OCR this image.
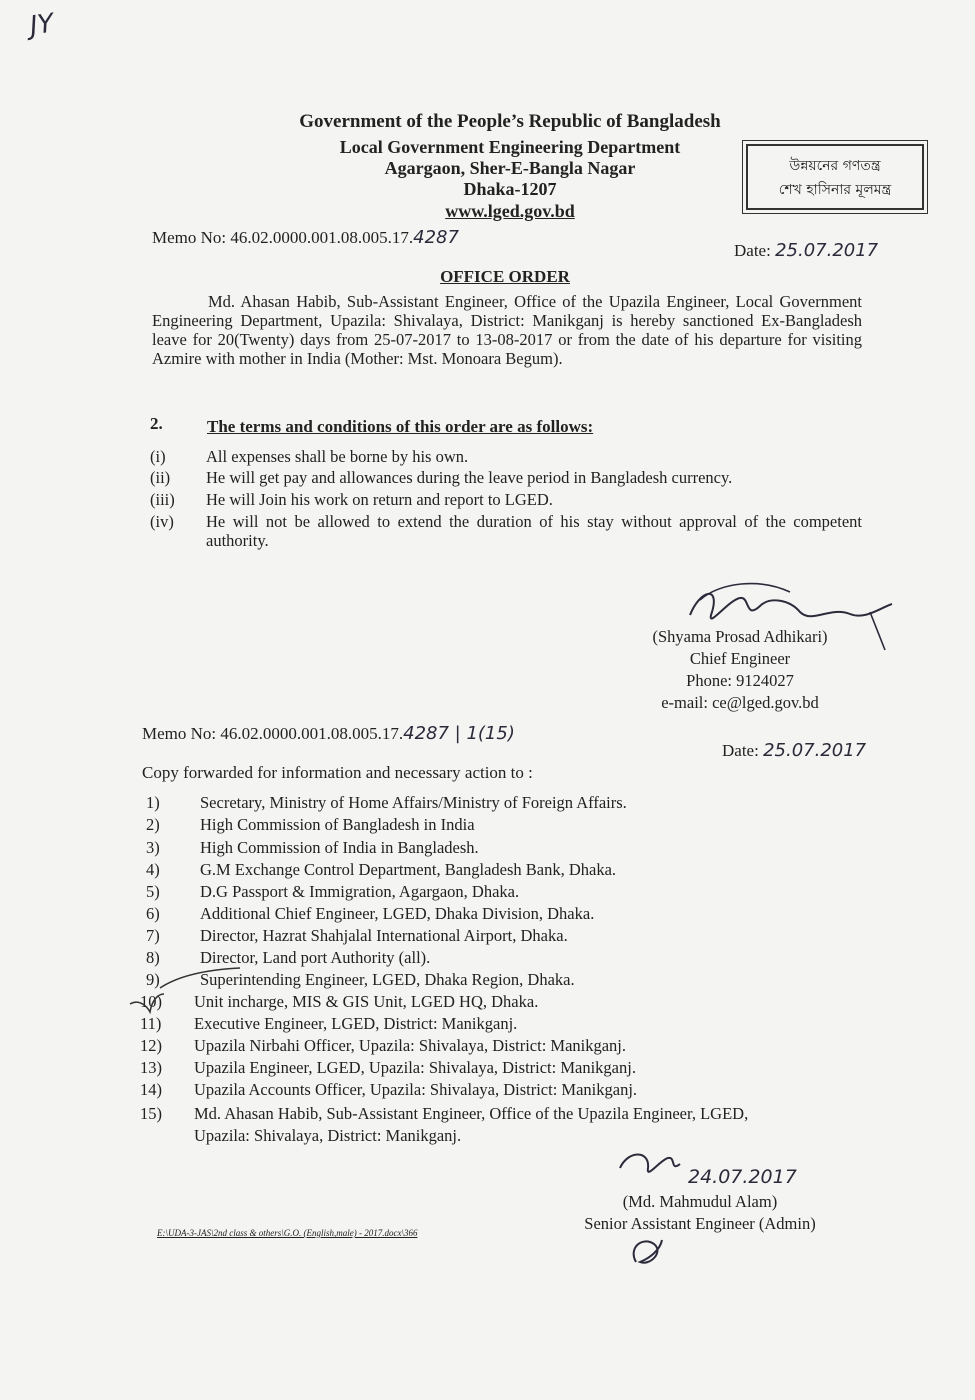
JY
Government of the People’s Republic of Bangladesh
Local Government Engineering Department
Agargaon, Sher-E-Bangla Nagar
Dhaka-1207
www.lged.gov.bd
উন্নয়নের গণতন্ত্র
শেখ হাসিনার মূলমন্ত্র
Memo No: 46.02.0000.001.08.005.17.4287
Date: 25.07.2017
OFFICE ORDER
Md. Ahasan Habib, Sub-Assistant Engineer, Office of the Upazila Engineer, Local Government Engineering Department, Upazila: Shivalaya, District: Manikganj is hereby sanctioned Ex-Bangladesh leave for 20(Twenty) days from 25-07-2017 to 13-08-2017 or from the date of his departure for visiting Azmire with mother in India (Mother: Mst. Monoara Begum).
2.	The terms and conditions of this order are as follows:
(i)	All expenses shall be borne by his own.
(ii)	He will get pay and allowances during the leave period in Bangladesh currency.
(iii)	He will Join his work on return and report to LGED.
(iv)	He will not be allowed to extend the duration of his stay without approval of the competent authority.
(Shyama Prosad Adhikari)
Chief Engineer
Phone: 9124027
e-mail: ce@lged.gov.bd
Memo No: 46.02.0000.001.08.005.17.4287 | 1(15)
Date: 25.07.2017
Copy forwarded for information and necessary action to :
1) Secretary, Ministry of Home Affairs/Ministry of Foreign Affairs.
2) High Commission of Bangladesh in India
3) High Commission of India in Bangladesh.
4) G.M Exchange Control Department, Bangladesh Bank, Dhaka.
5) D.G Passport & Immigration, Agargaon, Dhaka.
6) Additional Chief Engineer, LGED, Dhaka Division, Dhaka.
7) Director, Hazrat Shahjalal International Airport, Dhaka.
8) Director, Land port Authority (all).
9) Superintending Engineer, LGED, Dhaka Region, Dhaka.
10) Unit incharge, MIS & GIS Unit, LGED HQ, Dhaka.
11) Executive Engineer, LGED, District: Manikganj.
12) Upazila Nirbahi Officer, Upazila: Shivalaya, District: Manikganj.
13) Upazila Engineer, LGED, Upazila: Shivalaya, District: Manikganj.
14) Upazila Accounts Officer, Upazila: Shivalaya, District: Manikganj.
15) Md. Ahasan Habib, Sub-Assistant Engineer, Office of the Upazila Engineer, LGED,
Upazila: Shivalaya, District: Manikganj.
24.07.2017
(Md. Mahmudul Alam)
Senior Assistant Engineer (Admin)
E:\UDA-3-JAS\2nd class & others\G.O. (English,male) - 2017.docx\366
